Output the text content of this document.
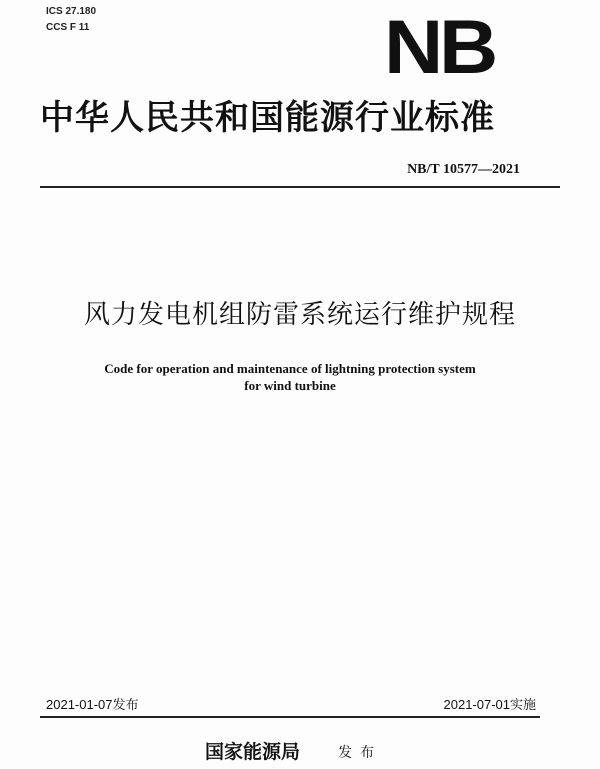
ICS 27.180
CCS F 11	NB
中华人民共和国能源行业标准
NB/T 10577—2021
风力发电机组防雷系统运行维护规程
Code for operation and maintenance of lightning protection system
for wind turbine
2021-01-07发布	2021-07-01实施
国家能源局	发布
